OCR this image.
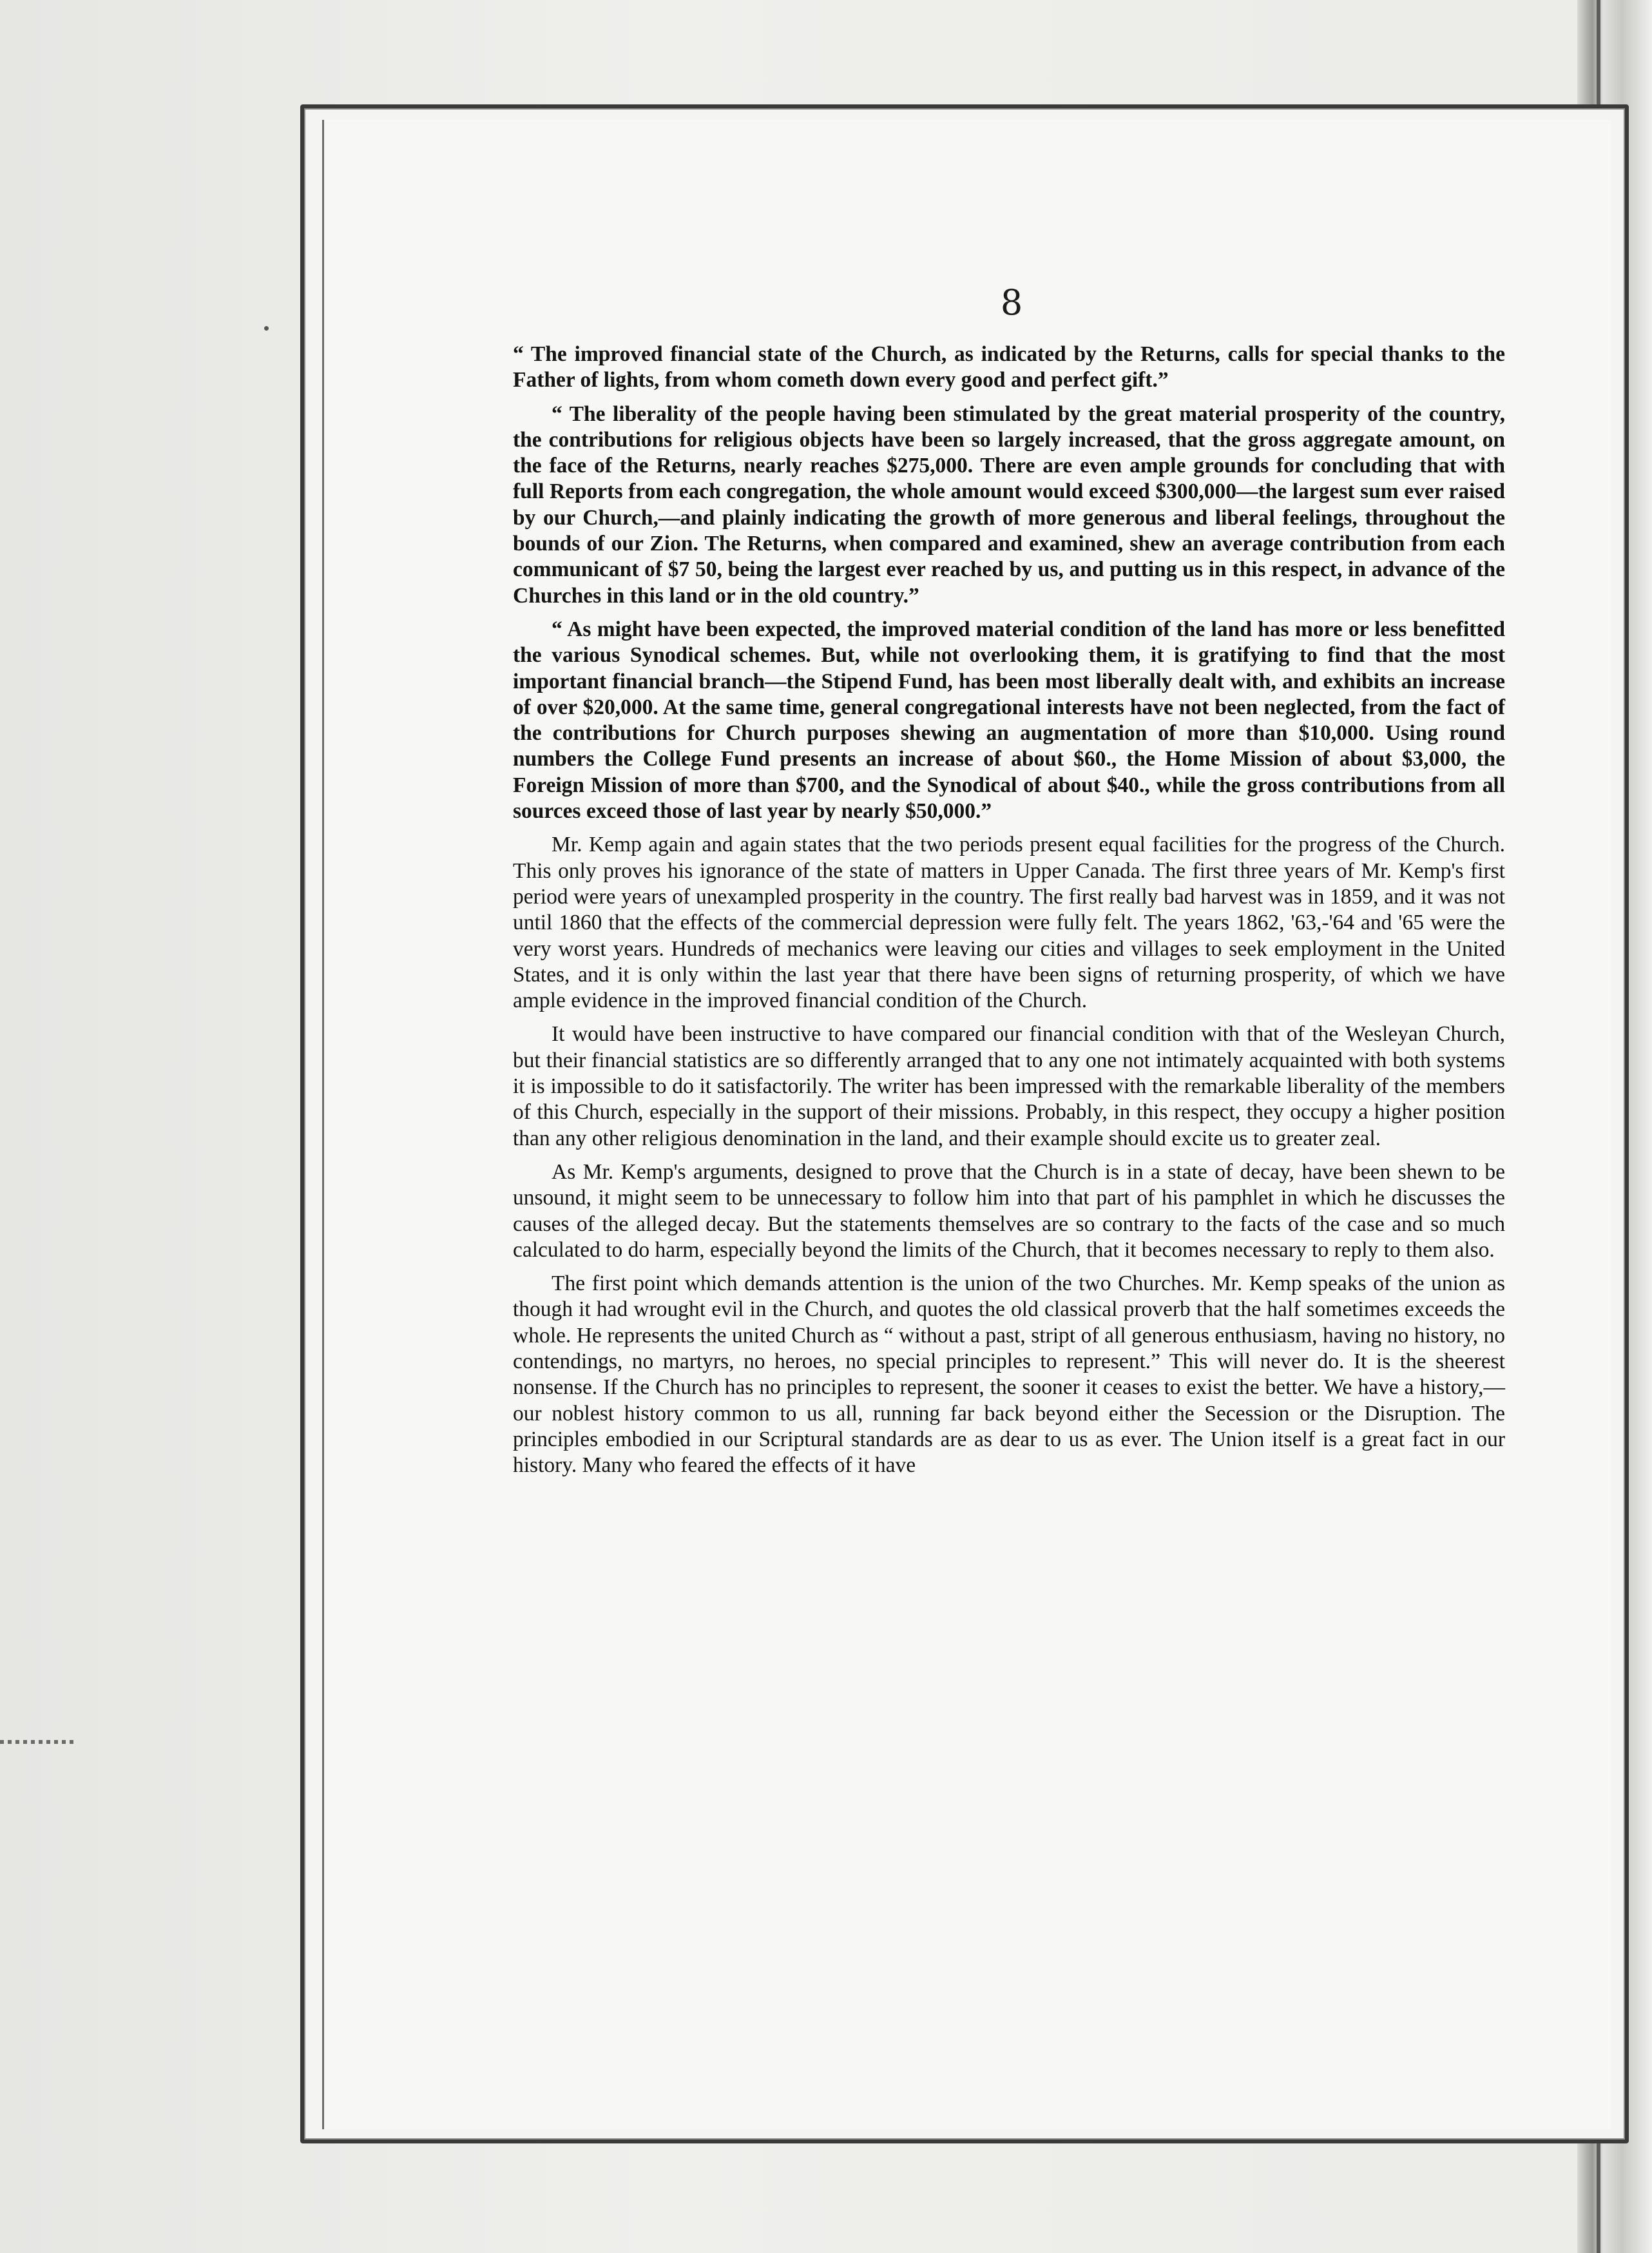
8

“ The improved financial state of the Church, as indicated by the Returns, calls for special thanks to the Father of lights, from whom cometh down every good and perfect gift.”

“ The liberality of the people having been stimulated by the great material prosperity of the country, the contributions for religious objects have been so largely increased, that the gross aggregate amount, on the face of the Returns, nearly reaches $275,000. There are even ample grounds for concluding that with full Reports from each congregation, the whole amount would exceed $300,000—the largest sum ever raised by our Church,—and plainly indicating the growth of more generous and liberal feelings, throughout the bounds of our Zion. The Returns, when compared and examined, shew an average contribution from each communicant of $7 50, being the largest ever reached by us, and putting us in this respect, in advance of the Churches in this land or in the old country.”

“ As might have been expected, the improved material condition of the land has more or less benefitted the various Synodical schemes. But, while not overlooking them, it is gratifying to find that the most important financial branch—the Stipend Fund, has been most liberally dealt with, and exhibits an increase of over $20,000. At the same time, general congregational interests have not been neglected, from the fact of the contributions for Church purposes shewing an augmentation of more than $10,000. Using round numbers the College Fund presents an increase of about $60., the Home Mission of about $3,000, the Foreign Mission of more than $700, and the Synodical of about $40., while the gross contributions from all sources exceed those of last year by nearly $50,000.”

Mr. Kemp again and again states that the two periods present equal facilities for the progress of the Church. This only proves his ignorance of the state of matters in Upper Canada. The first three years of Mr. Kemp's first period were years of unexampled prosperity in the country. The first really bad harvest was in 1859, and it was not until 1860 that the effects of the commercial depression were fully felt. The years 1862, '63,-'64 and '65 were the very worst years. Hundreds of mechanics were leaving our cities and villages to seek employment in the United States, and it is only within the last year that there have been signs of returning prosperity, of which we have ample evidence in the improved financial condition of the Church.

It would have been instructive to have compared our financial condition with that of the Wesleyan Church, but their financial statistics are so differently arranged that to any one not intimately acquainted with both systems it is impossible to do it satisfactorily. The writer has been impressed with the remarkable liberality of the members of this Church, especially in the support of their missions. Probably, in this respect, they occupy a higher position than any other religious denomination in the land, and their example should excite us to greater zeal.

As Mr. Kemp's arguments, designed to prove that the Church is in a state of decay, have been shewn to be unsound, it might seem to be unnecessary to follow him into that part of his pamphlet in which he discusses the causes of the alleged decay. But the statements themselves are so contrary to the facts of the case and so much calculated to do harm, especially beyond the limits of the Church, that it becomes necessary to reply to them also.

The first point which demands attention is the union of the two Churches. Mr. Kemp speaks of the union as though it had wrought evil in the Church, and quotes the old classical proverb that the half sometimes exceeds the whole. He represents the united Church as “ without a past, stript of all generous enthusiasm, having no history, no contendings, no martyrs, no heroes, no special principles to represent.” This will never do. It is the sheerest nonsense. If the Church has no principles to represent, the sooner it ceases to exist the better. We have a history,—our noblest history common to us all, running far back beyond either the Secession or the Disruption. The principles embodied in our Scriptural standards are as dear to us as ever. The Union itself is a great fact in our history. Many who feared the effects of it have
